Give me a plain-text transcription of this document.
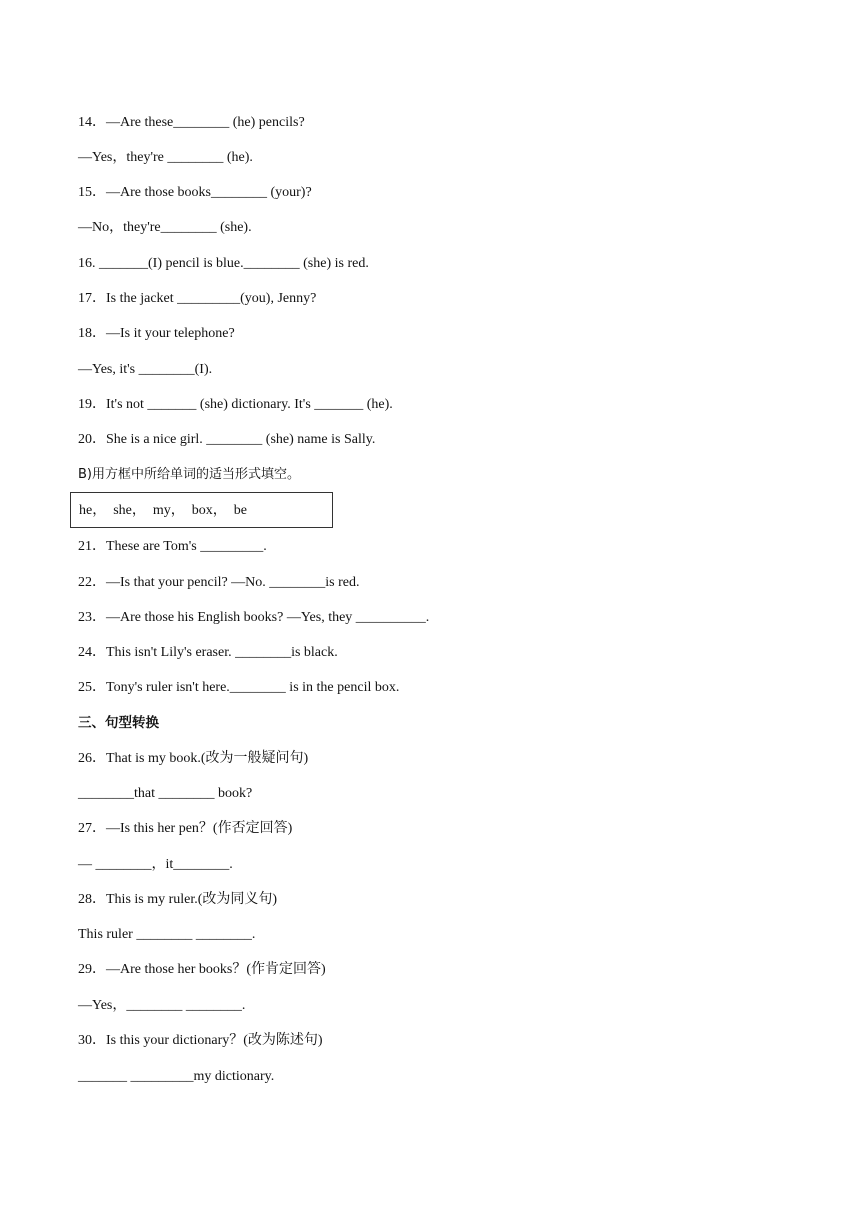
14．—Are these________ (he) pencils?
—Yes，they're ________ (he).
15．—Are those books________ (your)?
—No，they're________ (she).
16. _______(I) pencil is blue.________ (she) is red.
17．Is the jacket _________(you), Jenny?
18．—Is it your telephone?
—Yes, it's ________(I).
19．It's not _______ (she) dictionary. It's _______ (he).
20．She is a nice girl. ________ (she) name is Sally.
B)用方框中所给单词的适当形式填空。
he，  she，  my，  box，  be
21．These are Tom's _________.
22．—Is that your pencil? —No. ________is red.
23．—Are those his English books? —Yes, they __________.
24．This isn't Lily's eraser. ________is black.
25．Tony's ruler isn't here.________ is in the pencil box.
三、句型转换
26．That is my book.(改为一般疑问句)
________that ________ book?
27．—Is this her pen？(作否定回答)
— ________，it________.
28．This is my ruler.(改为同义句)
This ruler ________ ________.
29．—Are those her books？(作肯定回答)
—Yes，________ ________.
30．Is this your dictionary？(改为陈述句)
_______ _________my dictionary.
